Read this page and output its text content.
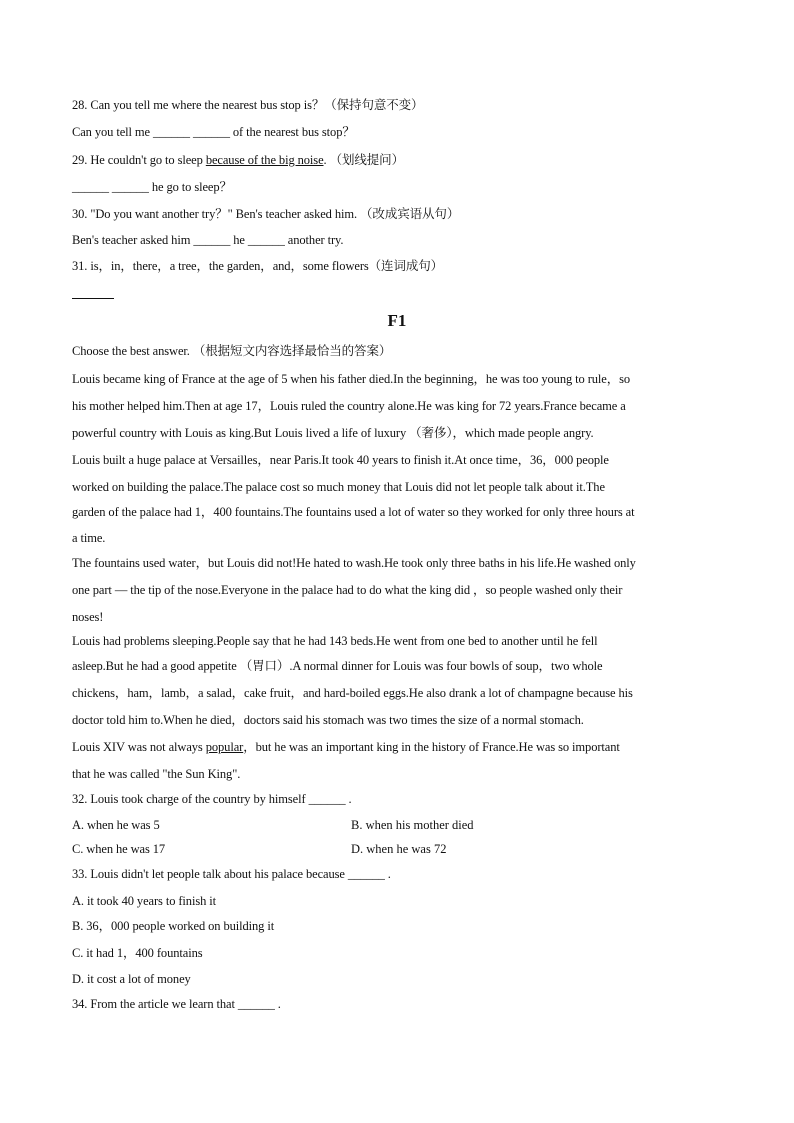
28. Can you tell me where the nearest bus stop is？（保持句意不变）
Can you tell me ______ ______ of the nearest bus stop？
29. He couldn't go to sleep because of the big noise. （划线提问）
______ ______ he go to sleep？
30. "Do you want another try？" Ben's teacher asked him. （改成宾语从句）
Ben's teacher asked him ______ he ______ another try.
31. is，in，there，a tree，the garden，and，some flowers（连词成句）
F1
Choose the best answer. （根据短文内容选择最恰当的答案）
Louis became king of France at the age of 5 when his father died.In the beginning，he was too young to rule，so
his mother helped him.Then at age 17，Louis ruled the country alone.He was king for 72 years.France became a
powerful country with Louis as king.But Louis lived a life of luxury （奢侈），which made people angry.
Louis built a huge palace at Versailles，near Paris.It took 40 years to finish it.At once time，36，000 people
worked on building the palace.The palace cost so much money that Louis did not let people talk about it.The
garden of the palace had 1，400 fountains.The fountains used a lot of water so they worked for only three hours at
a time.
The fountains used water，but Louis did not!He hated to wash.He took only three baths in his life.He washed only
one part — the tip of the nose.Everyone in the palace had to do what the king did ，so people washed only their
noses!
Louis had problems sleeping.People say that he had 143 beds.He went from one bed to another until he fell
asleep.But he had a good appetite （胃口）.A normal dinner for Louis was four bowls of soup，two whole
chickens，ham，lamb，a salad，cake fruit，and hard-boiled eggs.He also drank a lot of champagne because his
doctor told him to.When he died，doctors said his stomach was two times the size of a normal stomach.
Louis XIV was not always popular，but he was an important king in the history of France.He was so important
that he was called "the Sun King".
32. Louis took charge of the country by himself ______ .
A. when he was 5	B. when his mother died
C. when he was 17	D. when he was 72
33. Louis didn't let people talk about his palace because ______ .
A. it took 40 years to finish it
B. 36，000 people worked on building it
C. it had 1，400 fountains
D. it cost a lot of money
34. From the article we learn that ______ .
